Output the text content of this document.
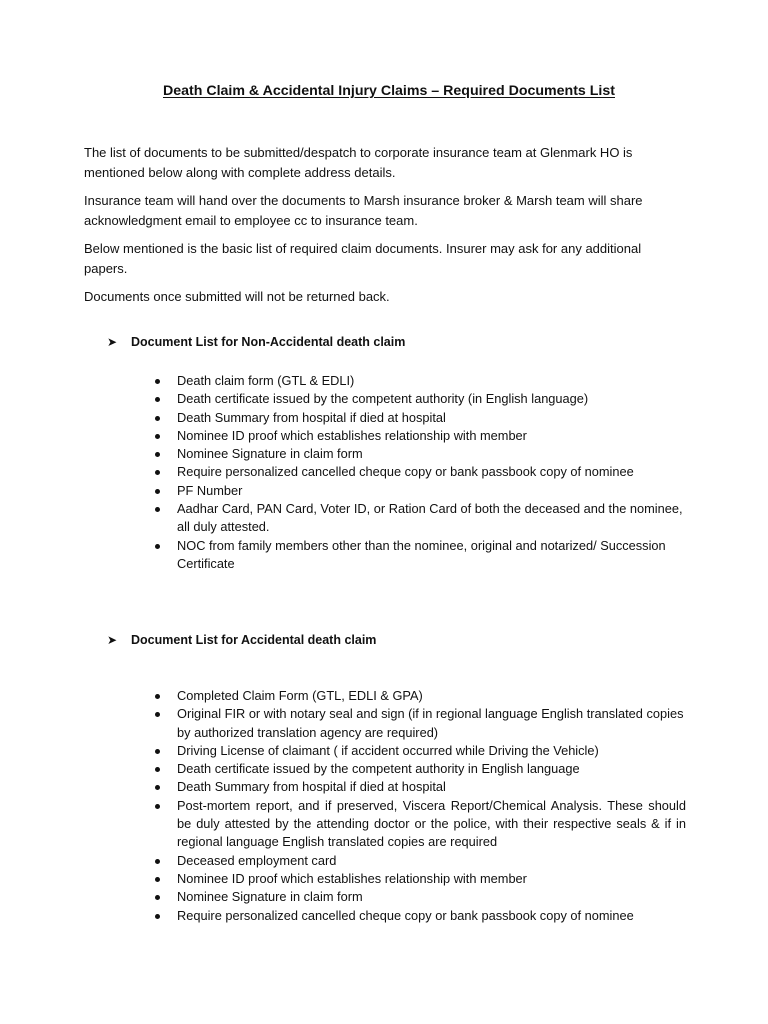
Death Claim & Accidental Injury Claims – Required Documents List

The list of documents to be submitted/despatch to corporate insurance team at Glenmark HO is mentioned below along with complete address details.

Insurance team will hand over the documents to Marsh insurance broker & Marsh team will share acknowledgment email to employee cc to insurance team.

Below mentioned is the basic list of required claim documents. Insurer may ask for any additional papers.

Documents once submitted will not be returned back.

➤ Document List for Non-Accidental death claim
Death claim form (GTL & EDLI)
Death certificate issued by the competent authority (in English language)
Death Summary from hospital if died at hospital
Nominee ID proof which establishes relationship with member
Nominee Signature in claim form
Require personalized cancelled cheque copy or bank passbook copy of nominee
PF Number
Aadhar Card, PAN Card, Voter ID, or Ration Card of both the deceased and the nominee, all duly attested.
NOC from family members other than the nominee, original and notarized/ Succession Certificate
➤ Document List for Accidental death claim
Completed Claim Form (GTL, EDLI & GPA)
Original FIR or with notary seal and sign (if in regional language English translated copies by authorized translation agency are required)
Driving License of claimant ( if accident occurred while Driving the Vehicle)
Death certificate issued by the competent authority in English language
Death Summary from hospital if died at hospital
Post-mortem report, and if preserved, Viscera Report/Chemical Analysis. These should be duly attested by the attending doctor or the police, with their respective seals & if in regional language English translated copies are required
Deceased employment card
Nominee ID proof which establishes relationship with member
Nominee Signature in claim form
Require personalized cancelled cheque copy or bank passbook copy of nominee
